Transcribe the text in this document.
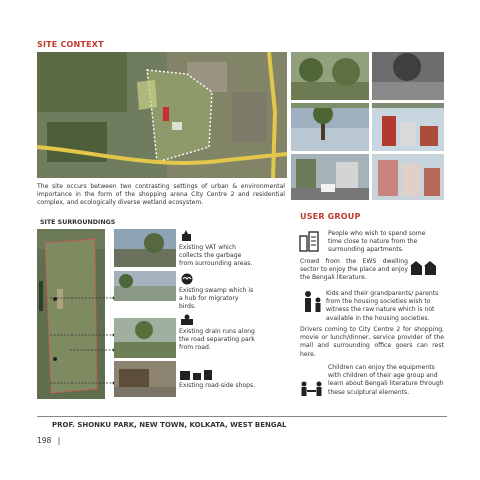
SITE CONTEXT
The site occurs between two contrasting settings of urban & environmental importance in the form of the shopping arena City Centre 2 and residential complex, and ecologically diverse wetland ecosystem.
SITE SURROUNDINGS
Existing VAT which collects the garbage from surrounding areas.
Existing swamp which is a hub for migratory birds.
Existing drain runs along the road separating park from road.
Existing road-side shops.
USER GROUP
People who wish to spend some time close to nature from the surrounding apartments.
Crowd from the EWS dwelling sector to enjoy the place and enjoy the Bengali literature.
Kids and their grandparents/ parents from the housing societies wish to witness the raw nature which is not available in the housing societies.
Drivers coming to City Centre 2 for shopping, movie or lunch/dinner, service provider of the mall and surrounding office goers can rest here.
Children can enjoy the equipments with children of their age group and learn about Bengali literature through these sculptural elements.
PROF. SHONKU PARK, NEW TOWN, KOLKATA, WEST BENGAL
198 |
